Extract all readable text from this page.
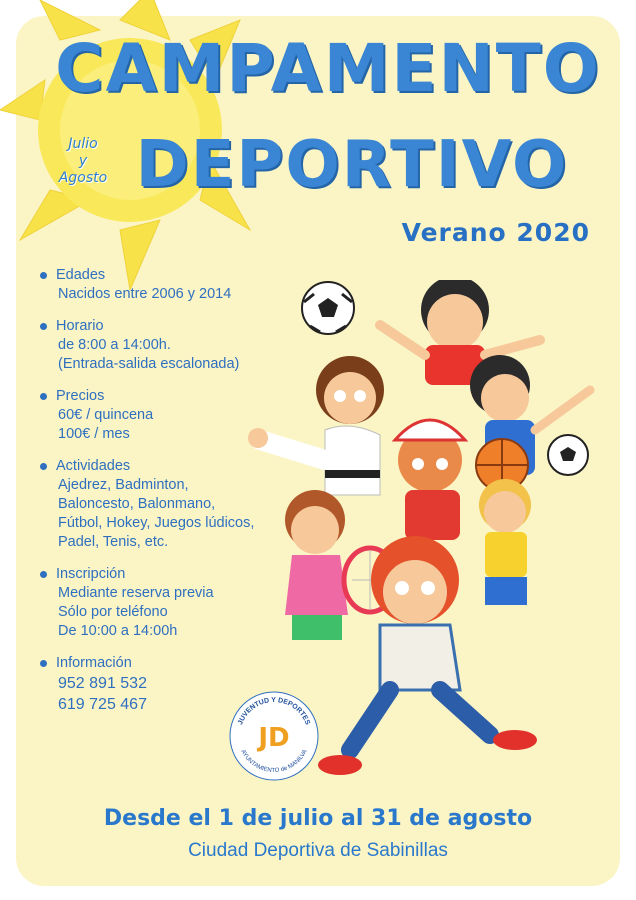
CAMPAMENTO
DEPORTIVO
Julio
y
Agosto
Verano 2020
Edades
Nacidos entre 2006 y 2014
Horario
de 8:00 a 14:00h.
(Entrada-salida escalonada)
Precios
60€ / quincena
100€ / mes
Actividades
Ajedrez, Badminton,
Baloncesto, Balonmano,
Fútbol, Hokey, Juegos lúdicos,
Padel, Tenis, etc.
Inscripción
Mediante reserva previa
Sólo por teléfono
De 10:00 a 14:00h
Información
952 891 532
619 725 467
JUVENTUD Y DEPORTES
AYUNTAMIENTO de MANILVA
JD
Desde el 1 de julio al 31 de agosto
Ciudad Deportiva de Sabinillas
